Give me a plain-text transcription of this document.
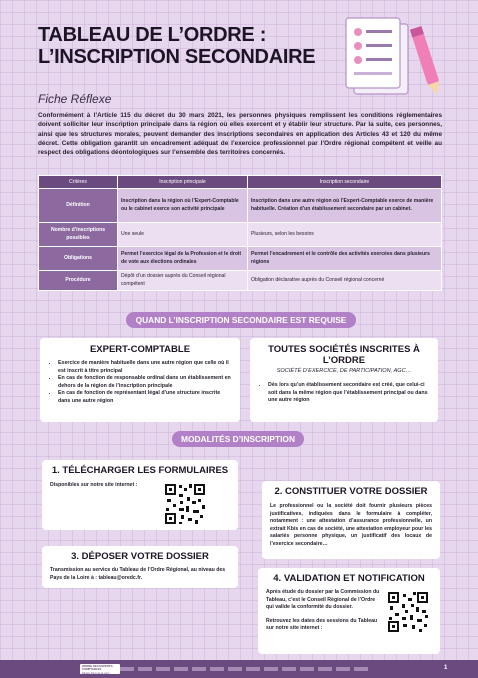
TABLEAU DE L’ORDRE :
L’INSCRIPTION SECONDAIRE
Fiche Réflexe
Conformément à l’Article 115 du décret du 30 mars 2021, les personnes physiques remplissent les conditions réglementaires doivent solliciter leur inscription principale dans la région où elles exercent et y établir leur structure. Par la suite, ces personnes, ainsi que les structures morales, peuvent demander des inscriptions secondaires en application des Articles 43 et 120 du même décret. Cette obligation garantit un encadrement adéquat de l’exercice professionnel par l’Ordre régional compétent et veille au respect des obligations déontologiques sur l’ensemble des territoires concernés.
Critères	Inscription principale	Inscription secondaire
Définition	Inscription dans la région où l’Expert-Comptable ou le cabinet exerce son activité principale	Inscription dans une autre région où l’Expert-Comptable exerce de manière habituelle. Création d’un établissement secondaire par un cabinet.
Nombre d’inscriptions possibles	Une seule	Plusieurs, selon les besoins
Obligations	Permet l’exercice légal de la Profession et le droit de vote aux élections ordinales	Permet l’encadrement et le contrôle des activités exercées dans plusieurs régions
Procédure	Dépôt d’un dossier auprès du Conseil régional compétent	Obligation déclarative auprès du Conseil régional concerné
QUAND L’INSCRIPTION SECONDAIRE EST REQUISE
EXPERT-COMPTABLE
• Exercice de manière habituelle dans une autre région que celle où il est inscrit à titre principal
• En cas de fonction de responsable ordinal dans un établissement en dehors de la région de l’inscription principale
• En cas de fonction de représentant légal d’une structure inscrite dans une autre région
TOUTES SOCIÉTÉS INSCRITES À L’ORDRE
SOCIÉTÉ D’EXERCICE, DE PARTICIPATION, AGC…
• Dès lors qu’un établissement secondaire est créé, que celui-ci soit dans la même région que l’établissement principal ou dans une autre région
MODALITÉS D’INSCRIPTION
1. TÉLÉCHARGER LES FORMULAIRES

Disponibles sur notre site internet :

2. CONSTITUER VOTRE DOSSIER

Le professionnel ou la société doit fournir plusieurs pièces justificatives, indiquées dans le formulaire à compléter, notamment : une attestation d’assurance professionnelle, un extrait Kbis en cas de société, une attestation employeur pour les salariés personne physique, un justificatif des locaux de l’exercice secondaire…

3. DÉPOSER VOTRE DOSSIER

Transmission au service du Tableau de l’Ordre Régional, au niveau des Pays de la Loire à : tableau@oredc.fr.	4. VALIDATION ET NOTIFICATION

Après étude du dossier par la Commission du Tableau, c’est le Conseil Régional de l’Ordre qui valide la conformité du dossier.

Retrouvez les dates des sessions du Tableau sur notre site internet :

ORDRE DES EXPERTS-COMPTABLES
Région Pays de la Loire
1
